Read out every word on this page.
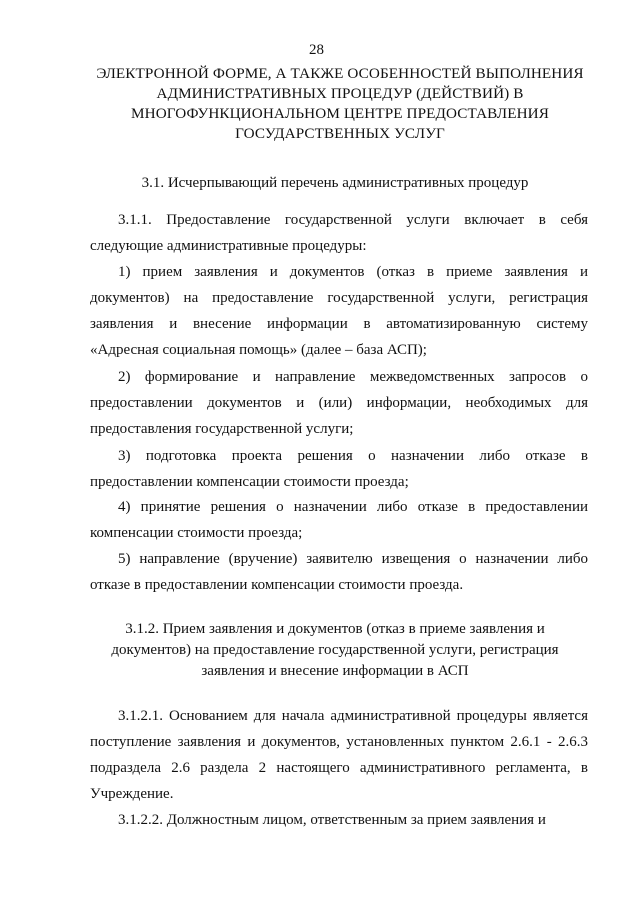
28
ЭЛЕКТРОННОЙ ФОРМЕ, А ТАКЖЕ ОСОБЕННОСТЕЙ ВЫПОЛНЕНИЯ
АДМИНИСТРАТИВНЫХ ПРОЦЕДУР (ДЕЙСТВИЙ) В
МНОГОФУНКЦИОНАЛЬНОМ ЦЕНТРЕ ПРЕДОСТАВЛЕНИЯ
ГОСУДАРСТВЕННЫХ УСЛУГ
3.1. Исчерпывающий перечень административных процедур

3.1.1. Предоставление государственной услуги включает в себя следующие административные процедуры:

1) прием заявления и документов (отказ в приеме заявления и документов) на предоставление государственной услуги, регистрация заявления и внесение информации в автоматизированную систему «Адресная социальная помощь» (далее – база АСП);

2) формирование и направление межведомственных запросов о предоставлении документов и (или) информации, необходимых для предоставления государственной услуги;

3) подготовка проекта решения о назначении либо отказе в предоставлении компенсации стоимости проезда;

4) принятие решения о назначении либо отказе в предоставлении компенсации стоимости проезда;

5) направление (вручение) заявителю извещения о назначении либо отказе в предоставлении компенсации стоимости проезда.

3.1.2. Прием заявления и документов (отказ в приеме заявления и
документов) на предоставление государственной услуги, регистрация
заявления и внесение информации в АСП

3.1.2.1. Основанием для начала административной процедуры является поступление заявления и документов, установленных пунктом 2.6.1 - 2.6.3 подраздела 2.6 раздела 2 настоящего административного регламента, в Учреждение.

3.1.2.2. Должностным лицом, ответственным за прием заявления и
